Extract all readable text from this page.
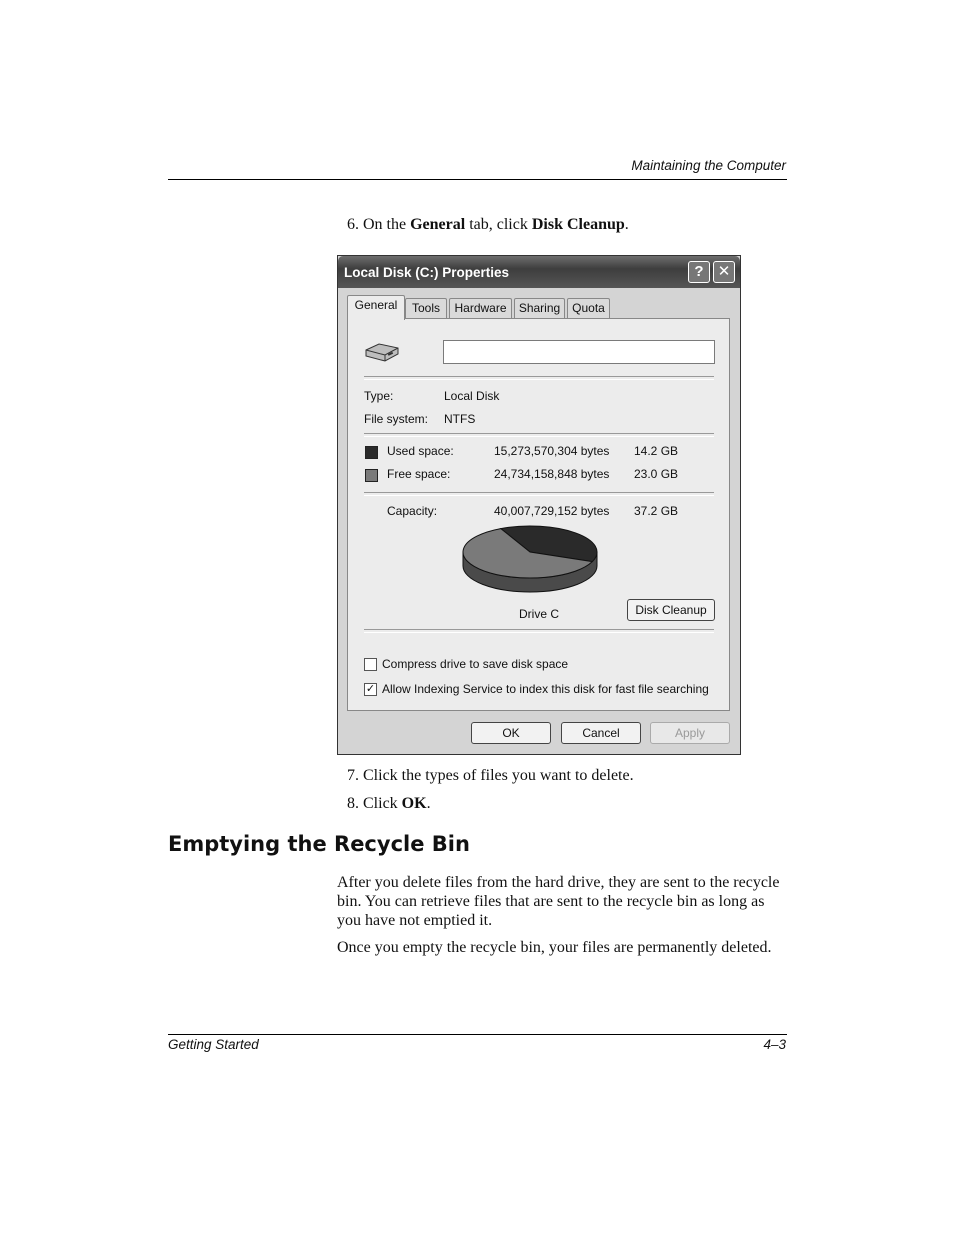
Maintaining the Computer
6. On the General tab, click Disk Cleanup.
Local Disk (C:) Properties	? ✕
General	Tools	Hardware	Sharing Quota
Type:	Local Disk
File system: NTFS
Used space:	15,273,570,304 bytes 14.2 GB
Free space:	24,734,158,848 bytes 23.0 GB
Capacity:	40,007,729,152 bytes 37.2 GB
Drive C	Disk Cleanup
Compress drive to save disk space
✓ Allow Indexing Service to index this disk for fast file searching
OK	Cancel	Apply
7. Click the types of files you want to delete.
8. Click OK.
Emptying the Recycle Bin
After you delete files from the hard drive, they are sent to the recycle bin. You can retrieve files that are sent to the recycle bin as long as you have not emptied it.
Once you empty the recycle bin, your files are permanently deleted.
Getting Started	4–3
